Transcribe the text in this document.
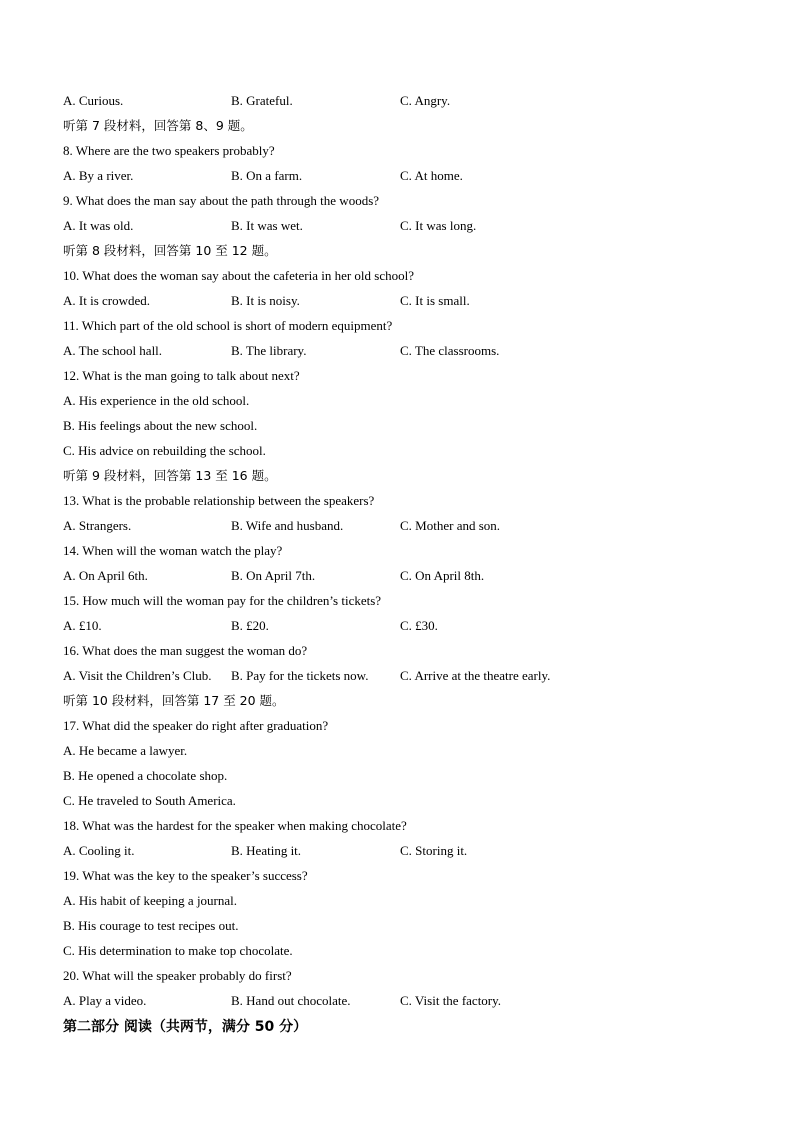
A. Curious.	B. Grateful.	C. Angry.
听第 7 段材料，回答第 8、9 题。
8. Where are the two speakers probably?
A. By a river.	B. On a farm.	C. At home.
9. What does the man say about the path through the woods?
A. It was old.	B. It was wet.	C. It was long.
听第 8 段材料，回答第 10 至 12 题。
10. What does the woman say about the cafeteria in her old school?
A. It is crowded.	B. It is noisy.	C. It is small.
11. Which part of the old school is short of modern equipment?
A. The school hall.	B. The library.	C. The classrooms.
12. What is the man going to talk about next?
A. His experience in the old school.
B. His feelings about the new school.
C. His advice on rebuilding the school.
听第 9 段材料，回答第 13 至 16 题。
13. What is the probable relationship between the speakers?
A. Strangers.	B. Wife and husband.	C. Mother and son.
14. When will the woman watch the play?
A. On April 6th.	B. On April 7th.	C. On April 8th.
15. How much will the woman pay for the children’s tickets?
A. £10.	B. £20.	C. £30.
16. What does the man suggest the woman do?
A. Visit the Children’s Club. B. Pay for the tickets now. C. Arrive at the theatre early.
听第 10 段材料，回答第 17 至 20 题。
17. What did the speaker do right after graduation?
A. He became a lawyer.
B. He opened a chocolate shop.
C. He traveled to South America.
18. What was the hardest for the speaker when making chocolate?
A. Cooling it.	B. Heating it.	C. Storing it.
19. What was the key to the speaker’s success?
A. His habit of keeping a journal.
B. His courage to test recipes out.
C. His determination to make top chocolate.
20. What will the speaker probably do first?
A. Play a video.	B. Hand out chocolate.	C. Visit the factory.
第二部分 阅读（共两节，满分 50 分）
